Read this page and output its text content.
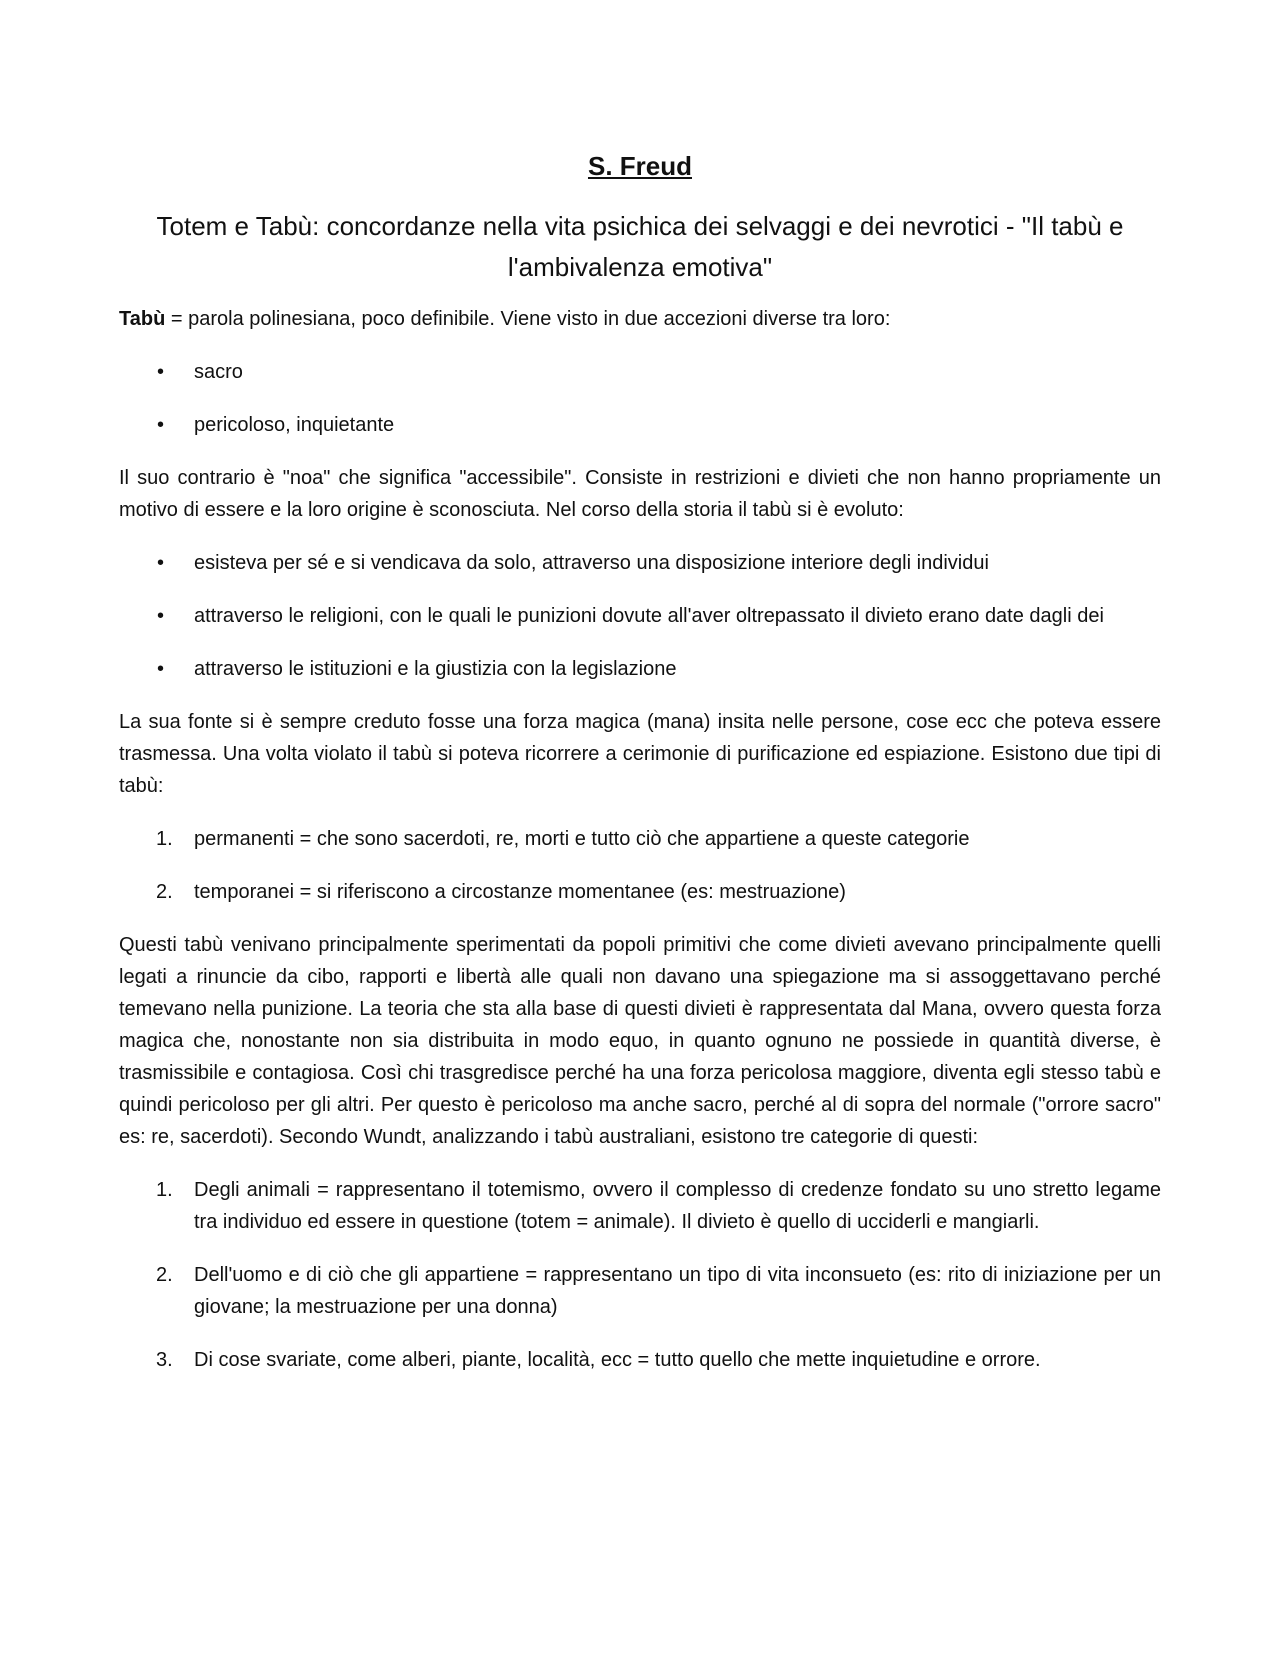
S. Freud
Totem e Tabù: concordanze nella vita psichica dei selvaggi e dei nevrotici - "Il tabù e l'ambivalenza emotiva"

Tabù = parola polinesiana, poco definibile. Viene visto in due accezioni diverse tra loro:

• sacro
• pericoloso, inquietante

Il suo contrario è "noa" che significa "accessibile". Consiste in restrizioni e divieti che non hanno propriamente un motivo di essere e la loro origine è sconosciuta. Nel corso della storia il tabù si è evoluto:

• esisteva per sé e si vendicava da solo, attraverso una disposizione interiore degli individui
• attraverso le religioni, con le quali le punizioni dovute all'aver oltrepassato il divieto erano date dagli dei
• attraverso le istituzioni e la giustizia con la legislazione

La sua fonte si è sempre creduto fosse una forza magica (mana) insita nelle persone, cose ecc che poteva essere trasmessa. Una volta violato il tabù si poteva ricorrere a cerimonie di purificazione ed espiazione. Esistono due tipi di tabù:

1. permanenti = che sono sacerdoti, re, morti e tutto ciò che appartiene a queste categorie
2. temporanei = si riferiscono a circostanze momentanee (es: mestruazione)

Questi tabù venivano principalmente sperimentati da popoli primitivi che come divieti avevano principalmente quelli legati a rinuncie da cibo, rapporti e libertà alle quali non davano una spiegazione ma si assoggettavano perché temevano nella punizione. La teoria che sta alla base di questi divieti è rappresentata dal Mana, ovvero questa forza magica che, nonostante non sia distribuita in modo equo, in quanto ognuno ne possiede in quantità diverse, è trasmissibile e contagiosa. Così chi trasgredisce perché ha una forza pericolosa maggiore, diventa egli stesso tabù e quindi pericoloso per gli altri. Per questo è pericoloso ma anche sacro, perché al di sopra del normale ("orrore sacro" es: re, sacerdoti). Secondo Wundt, analizzando i tabù australiani, esistono tre categorie di questi:

1. Degli animali = rappresentano il totemismo, ovvero il complesso di credenze fondato su uno stretto legame tra individuo ed essere in questione (totem = animale). Il divieto è quello di ucciderli e mangiarli.
2. Dell'uomo e di ciò che gli appartiene = rappresentano un tipo di vita inconsueto (es: rito di iniziazione per un giovane; la mestruazione per una donna)
3. Di cose svariate, come alberi, piante, località, ecc = tutto quello che mette inquietudine e orrore.
